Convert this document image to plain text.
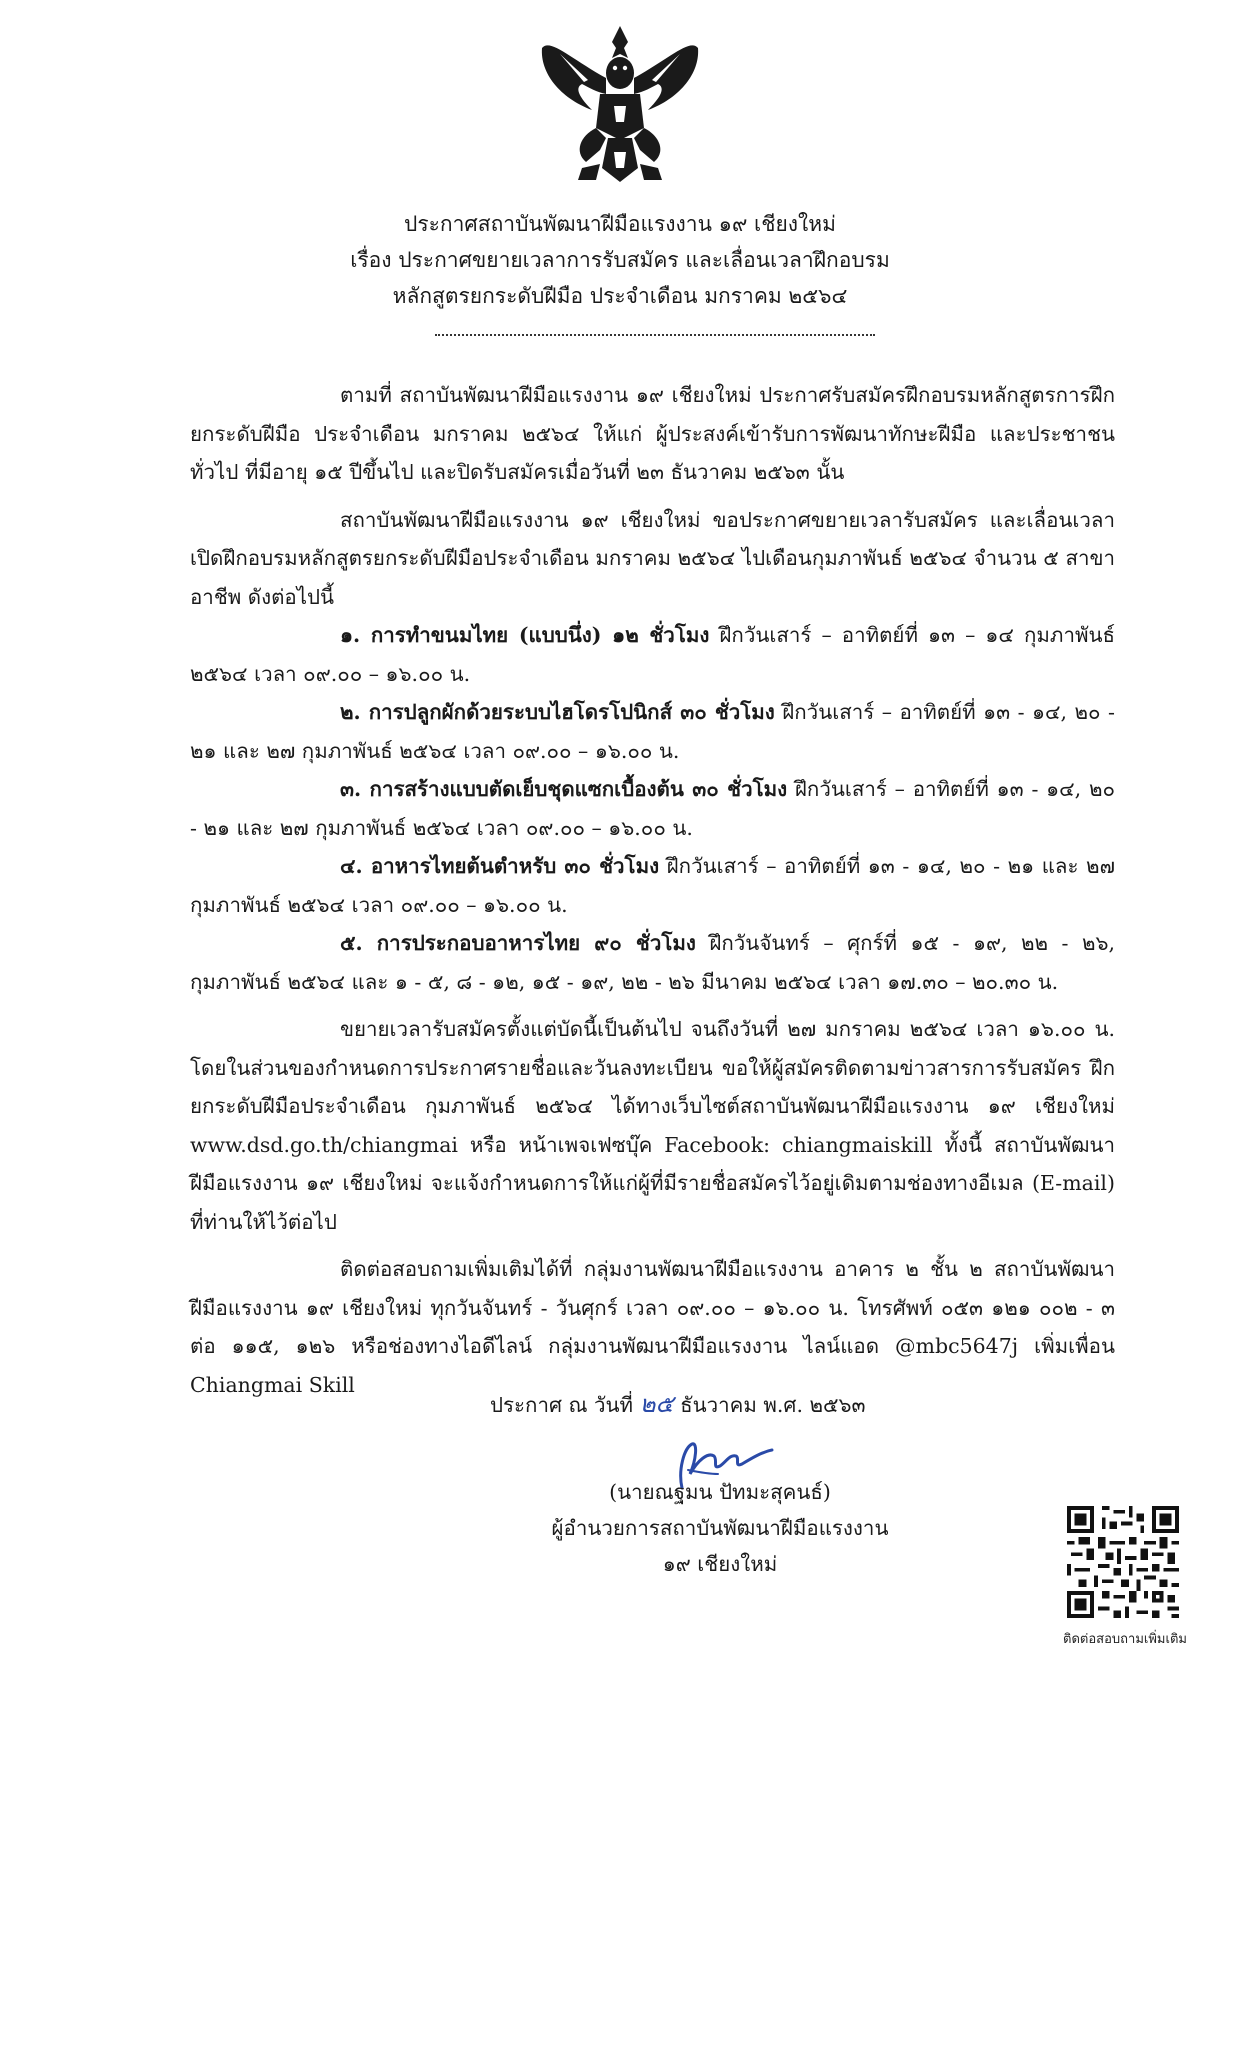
ประกาศสถาบันพัฒนาฝีมือแรงงาน ๑๙ เชียงใหม่
เรื่อง ประกาศขยายเวลาการรับสมัคร และเลื่อนเวลาฝึกอบรม
หลักสูตรยกระดับฝีมือ ประจำเดือน มกราคม ๒๕๖๔

ตามที่ สถาบันพัฒนาฝีมือแรงงาน ๑๙ เชียงใหม่ ประกาศรับสมัครฝึกอบรมหลักสูตรการฝึกยกระดับฝีมือ ประจำเดือน มกราคม ๒๕๖๔ ให้แก่ ผู้ประสงค์เข้ารับการพัฒนาทักษะฝีมือ และประชาชนทั่วไป ที่มีอายุ ๑๕ ปีขึ้นไป และปิดรับสมัครเมื่อวันที่ ๒๓ ธันวาคม ๒๕๖๓ นั้น

สถาบันพัฒนาฝีมือแรงงาน ๑๙ เชียงใหม่ ขอประกาศขยายเวลารับสมัคร และเลื่อนเวลาเปิดฝึกอบรมหลักสูตรยกระดับฝีมือประจำเดือน มกราคม ๒๕๖๔ ไปเดือนกุมภาพันธ์ ๒๕๖๔ จำนวน ๕ สาขาอาชีพ ดังต่อไปนี้

๑. การทำขนมไทย (แบบนึ่ง) ๑๒ ชั่วโมง ฝึกวันเสาร์ – อาทิตย์ที่ ๑๓ – ๑๔ กุมภาพันธ์ ๒๕๖๔ เวลา ๐๙.๐๐ – ๑๖.๐๐ น.

๒. การปลูกผักด้วยระบบไฮโดรโปนิกส์ ๓๐ ชั่วโมง ฝึกวันเสาร์ – อาทิตย์ที่ ๑๓ - ๑๔, ๒๐ - ๒๑ และ ๒๗ กุมภาพันธ์ ๒๕๖๔ เวลา ๐๙.๐๐ – ๑๖.๐๐ น.

๓. การสร้างแบบตัดเย็บชุดแซกเบื้องต้น ๓๐ ชั่วโมง ฝึกวันเสาร์ – อาทิตย์ที่ ๑๓ - ๑๔, ๒๐ - ๒๑ และ ๒๗ กุมภาพันธ์ ๒๕๖๔ เวลา ๐๙.๐๐ – ๑๖.๐๐ น.

๔. อาหารไทยต้นตำหรับ ๓๐ ชั่วโมง ฝึกวันเสาร์ – อาทิตย์ที่ ๑๓ - ๑๔, ๒๐ - ๒๑ และ ๒๗ กุมภาพันธ์ ๒๕๖๔ เวลา ๐๙.๐๐ – ๑๖.๐๐ น.

๕. การประกอบอาหารไทย ๙๐ ชั่วโมง ฝึกวันจันทร์ – ศุกร์ที่ ๑๕ - ๑๙, ๒๒ - ๒๖, กุมภาพันธ์ ๒๕๖๔ และ ๑ - ๕, ๘ - ๑๒, ๑๕ - ๑๙, ๒๒ - ๒๖ มีนาคม ๒๕๖๔ เวลา ๑๗.๓๐ – ๒๐.๓๐ น.

ขยายเวลารับสมัครตั้งแต่บัดนี้เป็นต้นไป จนถึงวันที่ ๒๗ มกราคม ๒๕๖๔ เวลา ๑๖.๐๐ น. โดยในส่วนของกำหนดการประกาศรายชื่อและวันลงทะเบียน ขอให้ผู้สมัครติดตามข่าวสารการรับสมัคร ฝึกยกระดับฝีมือประจำเดือน กุมภาพันธ์ ๒๕๖๔ ได้ทางเว็บไซต์สถาบันพัฒนาฝีมือแรงงาน ๑๙ เชียงใหม่ www.dsd.go.th/chiangmai หรือ หน้าเพจเฟซบุ๊ค Facebook: chiangmaiskill ทั้งนี้ สถาบันพัฒนาฝีมือแรงงาน ๑๙ เชียงใหม่ จะแจ้งกำหนดการให้แก่ผู้ที่มีรายชื่อสมัครไว้อยู่เดิมตามช่องทางอีเมล (E-mail) ที่ท่านให้ไว้ต่อไป

ติดต่อสอบถามเพิ่มเติมได้ที่ กลุ่มงานพัฒนาฝีมือแรงงาน อาคาร ๒ ชั้น ๒ สถาบันพัฒนาฝีมือแรงงาน ๑๙ เชียงใหม่ ทุกวันจันทร์ - วันศุกร์ เวลา ๐๙.๐๐ – ๑๖.๐๐ น. โทรศัพท์ ๐๕๓ ๑๒๑ ๐๐๒ - ๓ ต่อ ๑๑๕, ๑๒๖ หรือช่องทางไอดีไลน์ กลุ่มงานพัฒนาฝีมือแรงงาน ไลน์แอด @mbc5647j เพิ่มเพื่อน Chiangmai Skill

ประกาศ ณ วันที่ ๒๕ ธันวาคม พ.ศ. ๒๕๖๓
(นายณฐมน ปัทมะสุคนธ์)
ผู้อำนวยการสถาบันพัฒนาฝีมือแรงงาน ๑๙ เชียงใหม่
ติดต่อสอบถามเพิ่มเติม
